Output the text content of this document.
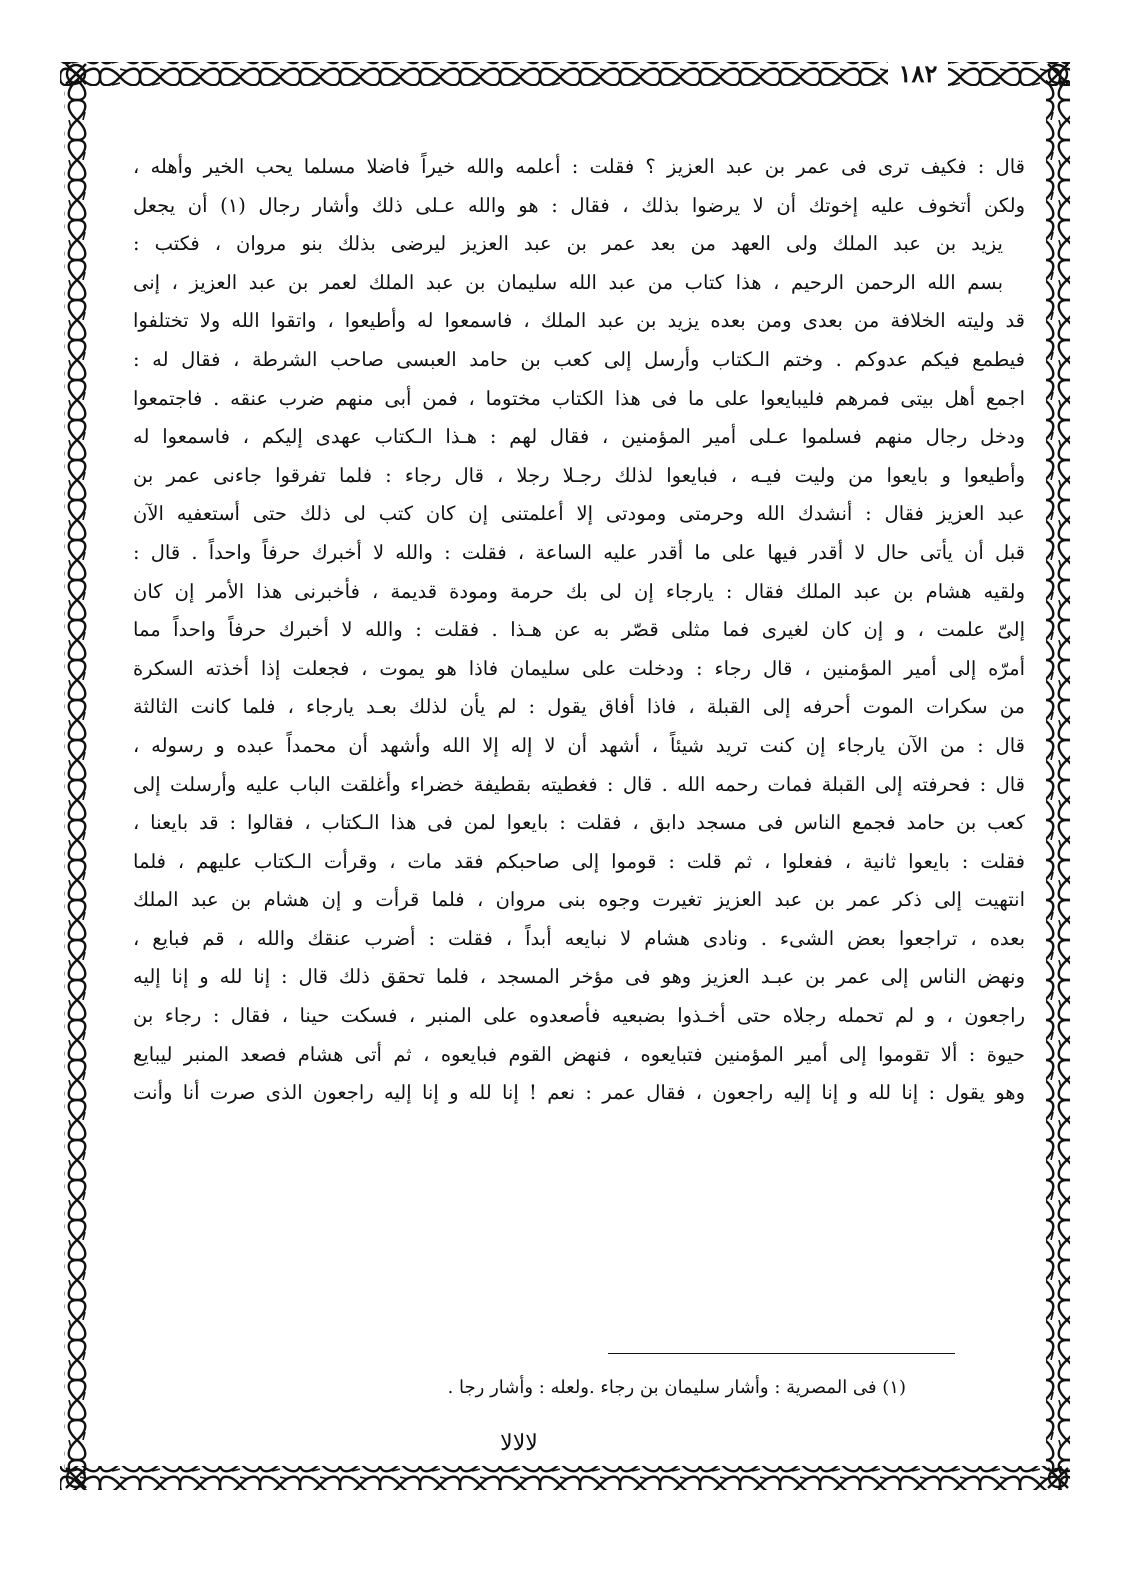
١٨٢
قال : فكيف ترى فى عمر بن عبد العزيز ؟ فقلت : أعلمه والله خيراً فاضلا مسلما يحب الخير وأهله ،
ولكن أتخوف عليه إخوتك أن لا يرضوا بذلك ، فقال : هو والله عـلى ذلك وأشار رجال (١) أن يجعل
يزيد بن عبد الملك ولى العهد من بعد عمر بن عبد العزيز ليرضى بذلك بنو مروان ، فكتب :
بسم الله الرحمن الرحيم ، هذا كتاب من عبد الله سليمان بن عبد الملك لعمر بن عبد العزيز ، إنى
قد وليته الخلافة من بعدى ومن بعده يزيد بن عبد الملك ، فاسمعوا له وأطيعوا ، واتقوا الله ولا تختلفوا
فيطمع فيكم عدوكم . وختم الـكتاب وأرسل إلى كعب بن حامد العبسى صاحب الشرطة ، فقال له :
اجمع أهل بيتى فمرهم فليبايعوا على ما فى هذا الكتاب مختوما ، فمن أبى منهم ضرب عنقه . فاجتمعوا
ودخل رجال منهم فسلموا عـلى أمير المؤمنين ، فقال لهم : هـذا الـكتاب عهدى إليكم ، فاسمعوا له
وأطيعوا و بايعوا من وليت فيـه ، فبايعوا لذلك رجـلا رجلا ، قال رجاء : فلما تفرقوا جاءنى عمر بن
عبد العزيز فقال : أنشدك الله وحرمتى ومودتى إلا أعلمتنى إن كان كتب لى ذلك حتى أستعفيه الآن
قبل أن يأتى حال لا أقدر فيها على ما أقدر عليه الساعة ، فقلت : والله لا أخبرك حرفاً واحداً . قال :
ولقيه هشام بن عبد الملك فقال : يارجاء إن لى بك حرمة ومودة قديمة ، فأخبرنى هذا الأمر إن كان
إلىّ علمت ، و إن كان لغيرى فما مثلى قصّر به عن هـذا . فقلت : والله لا أخبرك حرفاً واحداً مما
أمرّه إلى أمير المؤمنين ، قال رجاء : ودخلت على سليمان فاذا هو يموت ، فجعلت إذا أخذته السكرة
من سكرات الموت أحرفه إلى القبلة ، فاذا أفاق يقول : لم يأن لذلك بعـد يارجاء ، فلما كانت الثالثة
قال : من الآن يارجاء إن كنت تريد شيئاً ، أشهد أن لا إله إلا الله وأشهد أن محمداً عبده و رسوله ،
قال : فحرفته إلى القبلة فمات رحمه الله . قال : فغطيته بقطيفة خضراء وأغلقت الباب عليه وأرسلت إلى
كعب بن حامد فجمع الناس فى مسجد دابق ، فقلت : بايعوا لمن فى هذا الـكتاب ، فقالوا : قد بايعنا ،
فقلت : بايعوا ثانية ، ففعلوا ، ثم قلت : قوموا إلى صاحبكم فقد مات ، وقرأت الـكتاب عليهم ، فلما
انتهيت إلى ذكر عمر بن عبد العزيز تغيرت وجوه بنى مروان ، فلما قرأت و إن هشام بن عبد الملك
بعده ، تراجعوا بعض الشىء . ونادى هشام لا نبايعه أبداً ، فقلت : أضرب عنقك والله ، قم فبايع ،
ونهض الناس إلى عمر بن عبـد العزيز وهو فى مؤخر المسجد ، فلما تحقق ذلك قال : إنا لله و إنا إليه
راجعون ، و لم تحمله رجلاه حتى أخـذوا بضبعيه فأصعدوه على المنبر ، فسكت حينا ، فقال : رجاء بن
حيوة : ألا تقوموا إلى أمير المؤمنين فتبايعوه ، فنهض القوم فبايعوه ، ثم أتى هشام فصعد المنبر ليبايع
وهو يقول : إنا لله و إنا إليه راجعون ، فقال عمر : نعم ! إنا لله و إنا إليه راجعون الذى صرت أنا وأنت
(١) فى المصرية : وأشار سليمان بن رجاء .ولعله : وأشار رجا .
لالالا
